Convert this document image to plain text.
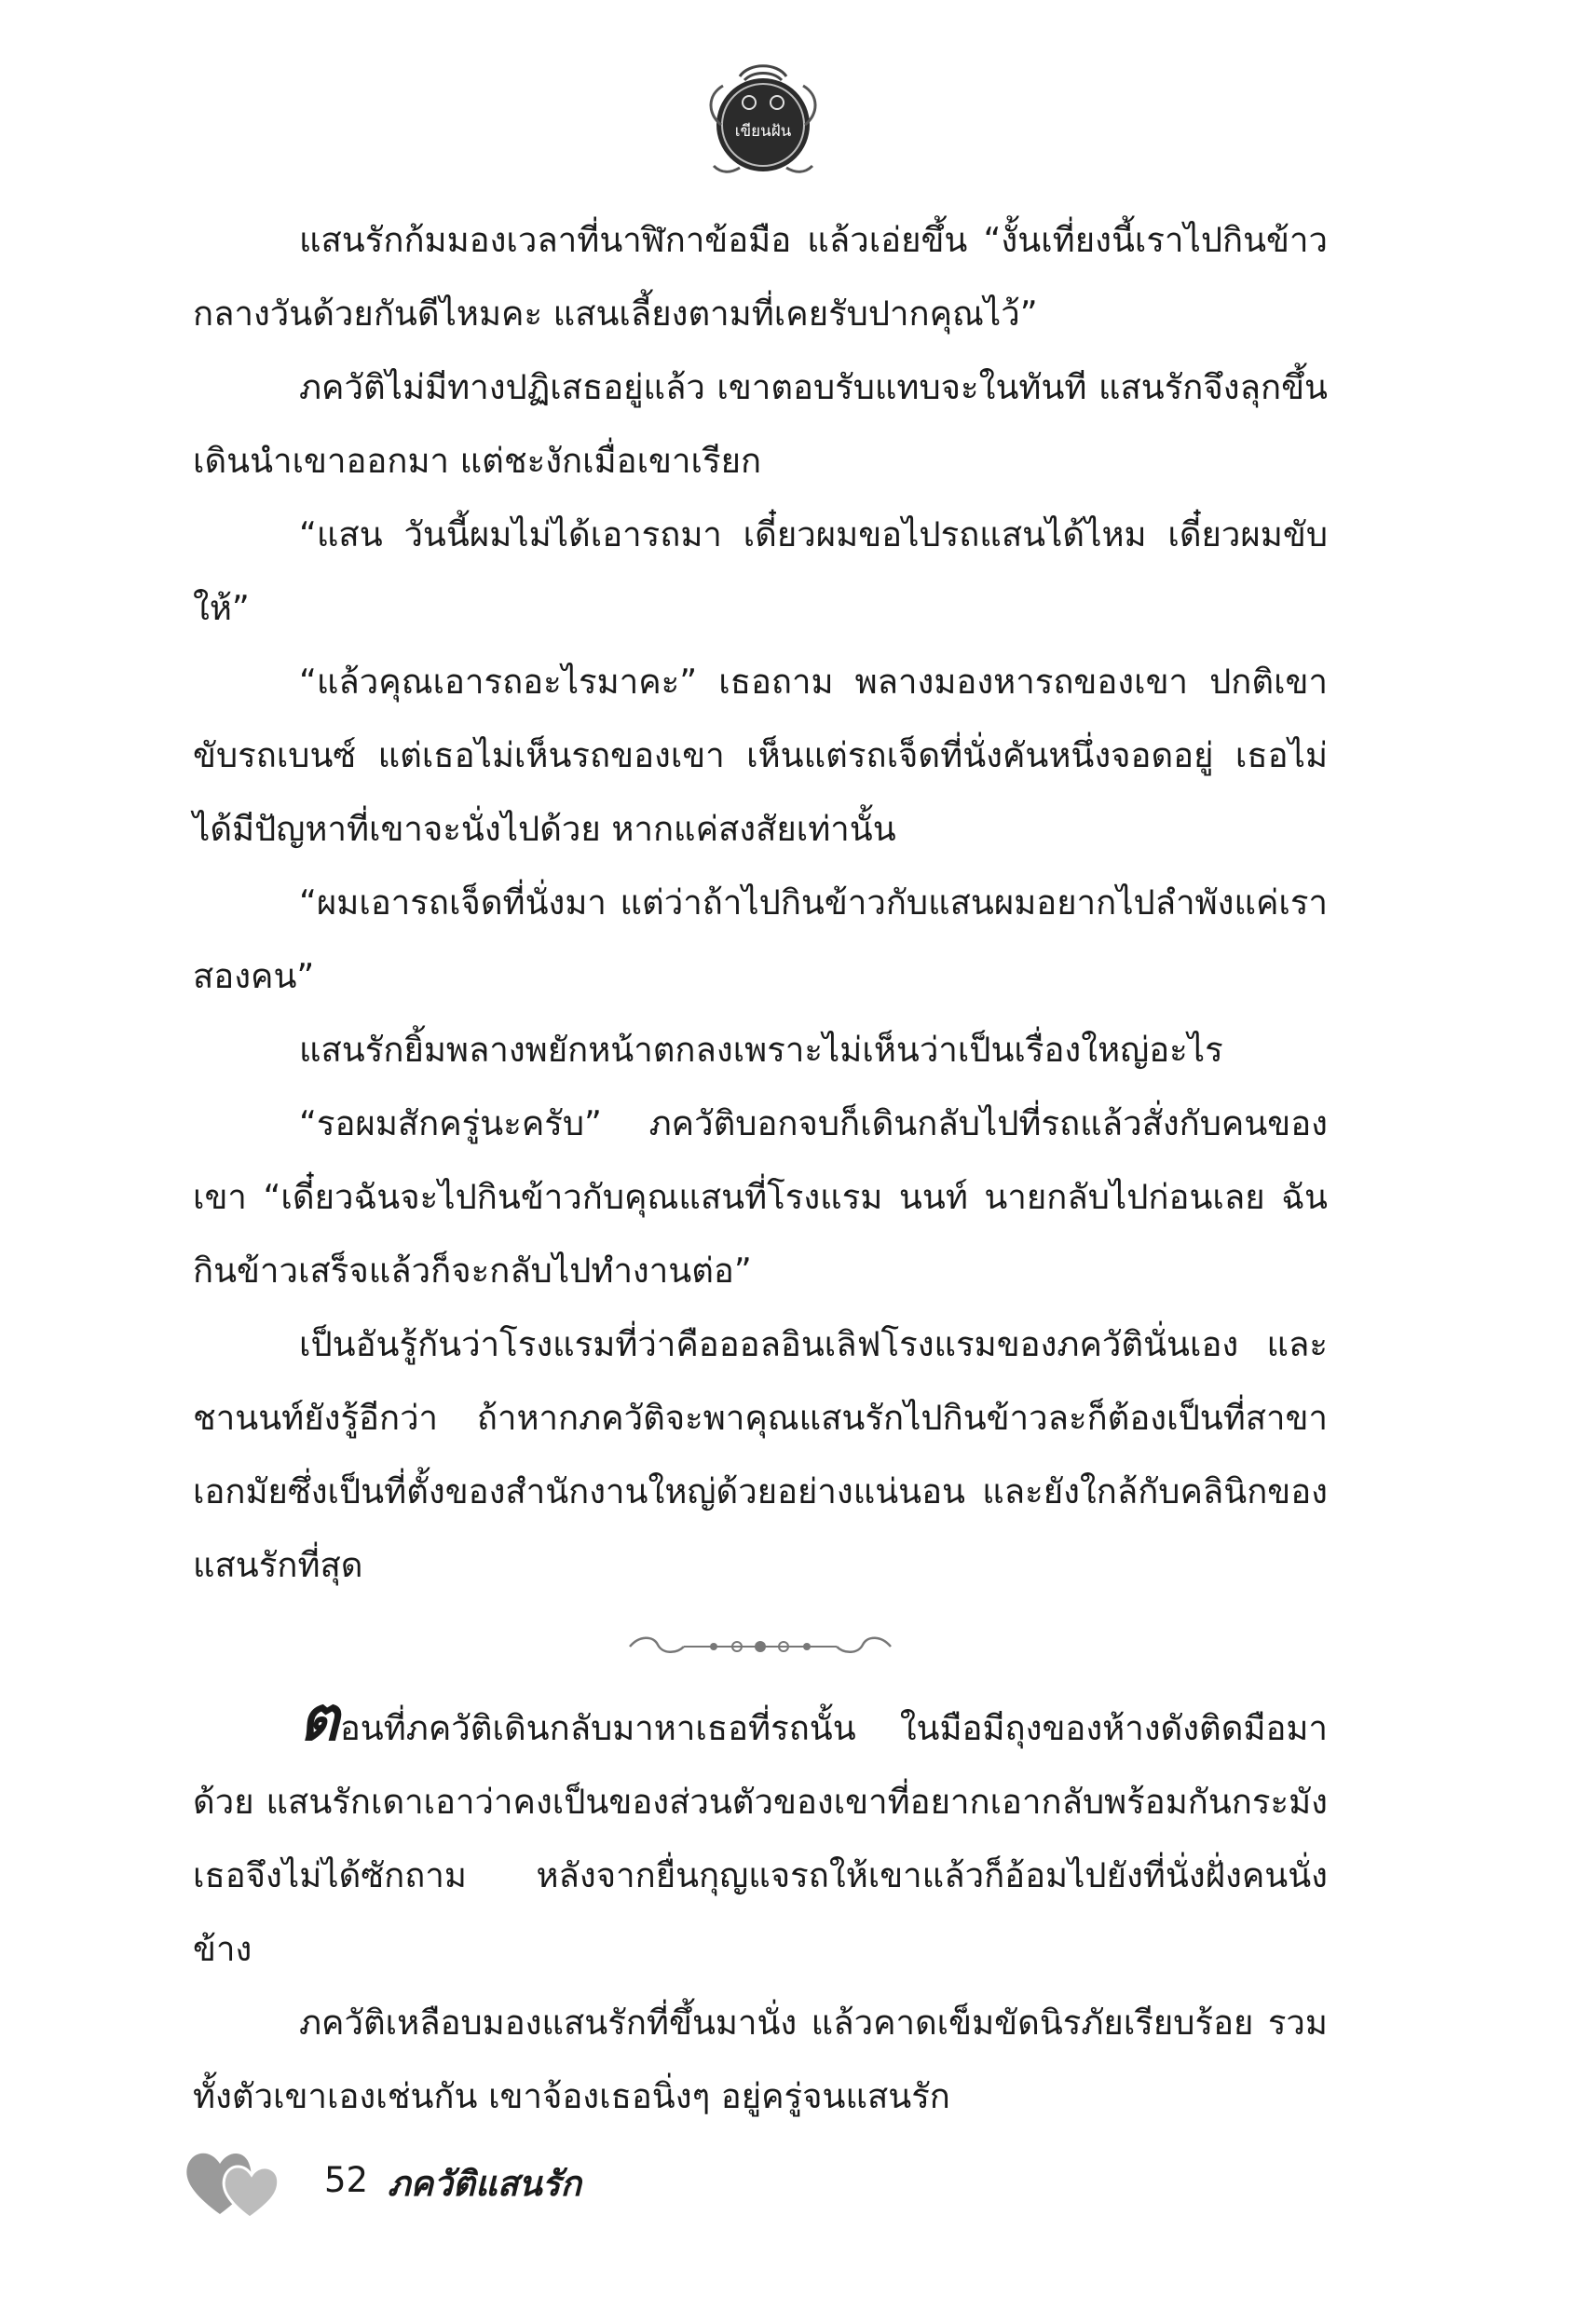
เขียนฝัน

แสนรักก้มมองเวลาที่นาฬิกาข้อมือ แล้วเอ่ยขึ้น “งั้นเที่ยงนี้เราไปกินข้าวกลางวันด้วยกันดีไหมคะ แสนเลี้ยงตามที่เคยรับปากคุณไว้”

ภควัติไม่มีทางปฏิเสธอยู่แล้ว เขาตอบรับแทบจะในทันที แสนรักจึงลุกขึ้นเดินนำเขาออกมา แต่ชะงักเมื่อเขาเรียก

“แสน วันนี้ผมไม่ได้เอารถมา เดี๋ยวผมขอไปรถแสนได้ไหม เดี๋ยวผมขับให้”

“แล้วคุณเอารถอะไรมาคะ” เธอถาม พลางมองหารถของเขา ปกติเขาขับรถเบนซ์ แต่เธอไม่เห็นรถของเขา เห็นแต่รถเจ็ดที่นั่งคันหนึ่งจอดอยู่ เธอไม่ได้มีปัญหาที่เขาจะนั่งไปด้วย หากแค่สงสัยเท่านั้น

“ผมเอารถเจ็ดที่นั่งมา แต่ว่าถ้าไปกินข้าวกับแสนผมอยากไปลำพังแค่เราสองคน”

แสนรักยิ้มพลางพยักหน้าตกลงเพราะไม่เห็นว่าเป็นเรื่องใหญ่อะไร

“รอผมสักครู่นะครับ” ภควัติบอกจบก็เดินกลับไปที่รถแล้วสั่งกับคนของเขา “เดี๋ยวฉันจะไปกินข้าวกับคุณแสนที่โรงแรม นนท์ นายกลับไปก่อนเลย ฉันกินข้าวเสร็จแล้วก็จะกลับไปทำงานต่อ”

เป็นอันรู้กันว่าโรงแรมที่ว่าคือออลอินเลิฟโรงแรมของภควัตินั่นเอง และชานนท์ยังรู้อีกว่า ถ้าหากภควัติจะพาคุณแสนรักไปกินข้าวละก็ต้องเป็นที่สาขาเอกมัยซึ่งเป็นที่ตั้งของสำนักงานใหญ่ด้วยอย่างแน่นอน และยังใกล้กับคลินิกของแสนรักที่สุด

ตอนที่ภควัติเดินกลับมาหาเธอที่รถนั้น ในมือมีถุงของห้างดังติดมือมาด้วย แสนรักเดาเอาว่าคงเป็นของส่วนตัวของเขาที่อยากเอากลับพร้อมกันกระมัง เธอจึงไม่ได้ซักถาม หลังจากยื่นกุญแจรถให้เขาแล้วก็อ้อมไปยังที่นั่งฝั่งคนนั่งข้าง

ภควัติเหลือบมองแสนรักที่ขึ้นมานั่ง แล้วคาดเข็มขัดนิรภัยเรียบร้อย รวมทั้งตัวเขาเองเช่นกัน เขาจ้องเธอนิ่งๆ อยู่ครู่จนแสนรัก

52 ภควัติแสนรัก
